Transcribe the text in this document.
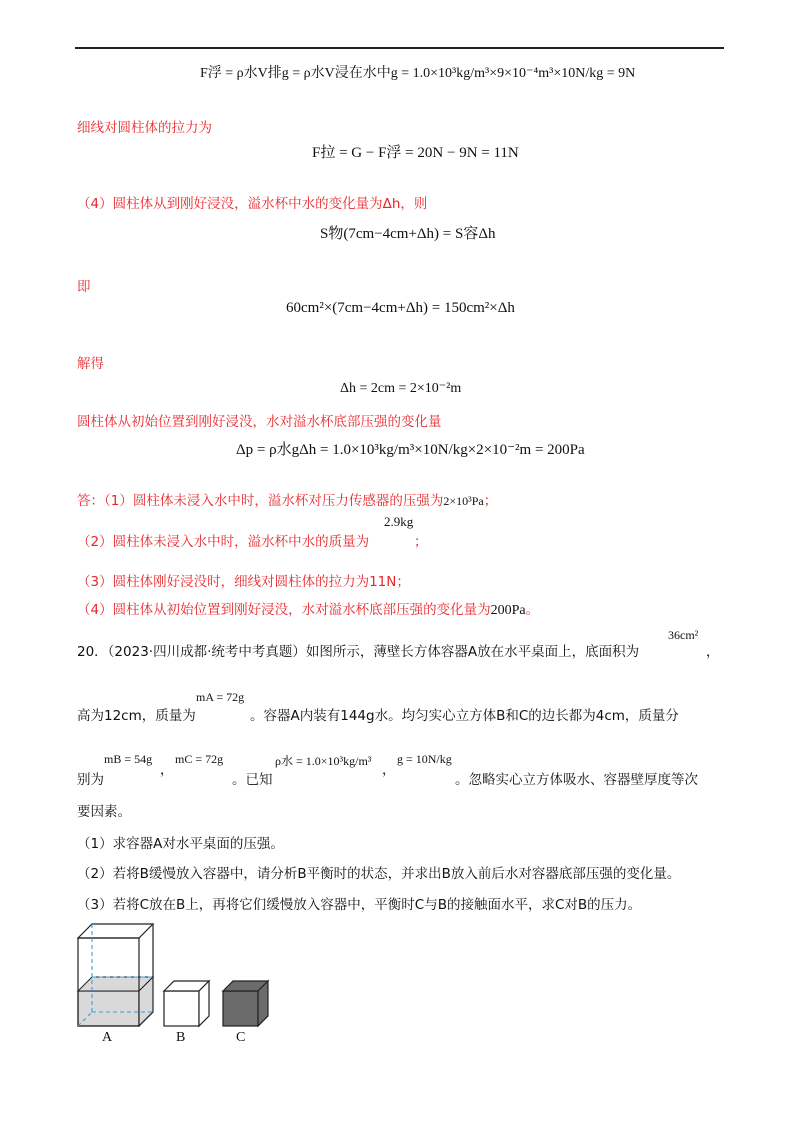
F浮 = ρ水V排g = ρ水V浸在水中g = 1.0×10³kg/m³×9×10⁻⁴m³×10N/kg = 9N
细线对圆柱体的拉力为
F拉 = G − F浮 = 20N − 9N = 11N
（4）圆柱体从到刚好浸没，溢水杯中水的变化量为Δh，则
S物(7cm−4cm+Δh) = S容Δh
即
60cm²×(7cm−4cm+Δh) = 150cm²×Δh
解得
Δh = 2cm = 2×10⁻²m
圆柱体从初始位置到刚好浸没，水对溢水杯底部压强的变化量
Δp = ρ水gΔh = 1.0×10³kg/m³×10N/kg×2×10⁻²m = 200Pa
答：（1）圆柱体未浸入水中时，溢水杯对压力传感器的压强为2×10³Pa；
（2）圆柱体未浸入水中时，溢水杯中水的质量为
2.9kg
；
（3）圆柱体刚好浸没时，细线对圆柱体的拉力为11N；
（4）圆柱体从初始位置到刚好浸没，水对溢水杯底部压强的变化量为200Pa。
20．（2023·四川成都·统考中考真题）如图所示，薄壁长方体容器A放在水平桌面上，底面积为
36cm²
，
高为12cm，质量为
mA = 72g
。容器A内装有144g水。均匀实心立方体B和C的边长都为4cm，质量分
别为
mB = 54g
，
mC = 72g
。已知
ρ水 = 1.0×10³kg/m³
，
g = 10N/kg
。忽略实心立方体吸水、容器壁厚度等次
要因素。
（1）求容器A对水平桌面的压强。
（2）若将B缓慢放入容器中，请分析B平衡时的状态，并求出B放入前后水对容器底部压强的变化量。
（3）若将C放在B上，再将它们缓慢放入容器中，平衡时C与B的接触面水平，求C对B的压力。
A	B	C
